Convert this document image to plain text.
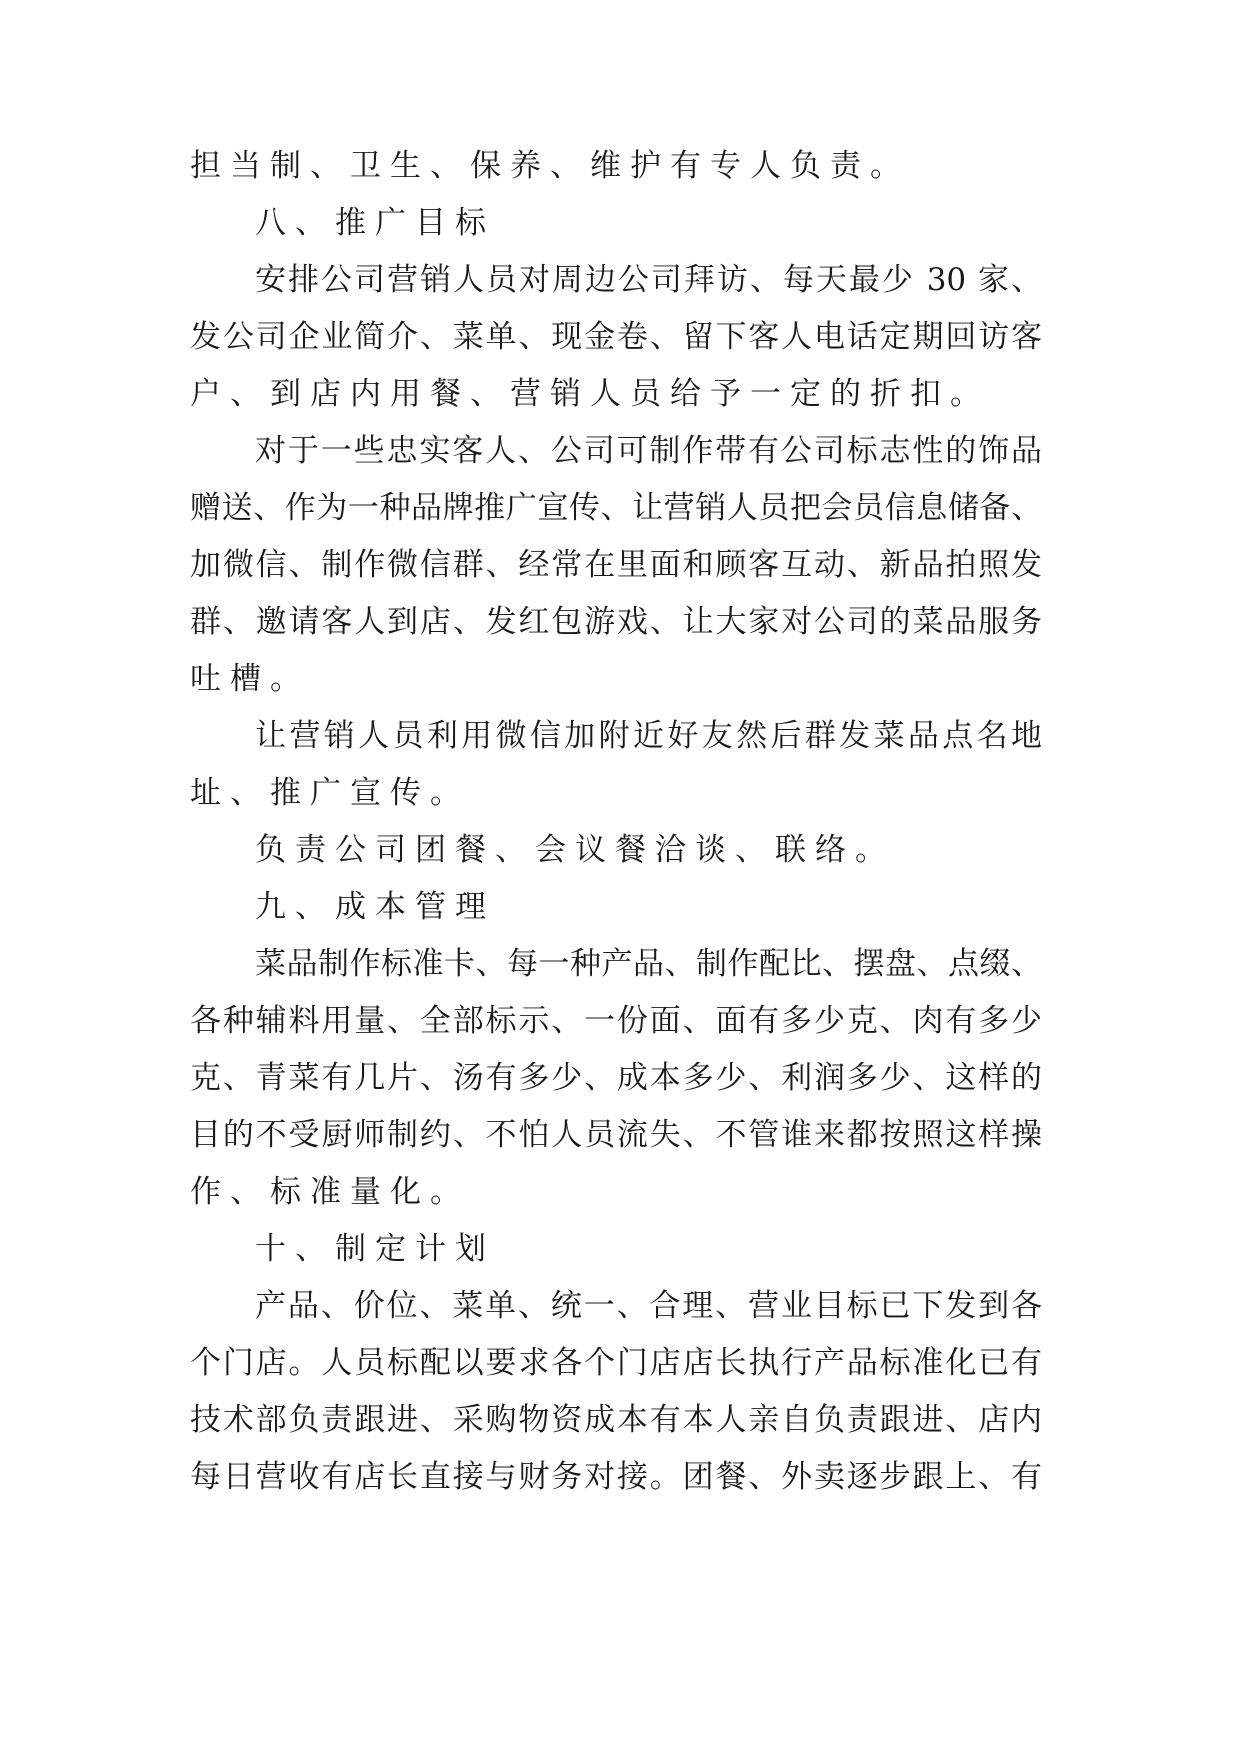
担当制、卫生、保养、维护有专人负责。
八、推广目标
安排公司营销人员对周边公司拜访、每天最少 30 家、
发公司企业简介、菜单、现金卷、留下客人电话定期回访客
户、到店内用餐、营销人员给予一定的折扣。
对于一些忠实客人、公司可制作带有公司标志性的饰品
赠送、作为一种品牌推广宣传、让营销人员把会员信息储备、
加微信、制作微信群、经常在里面和顾客互动、新品拍照发
群、邀请客人到店、发红包游戏、让大家对公司的菜品服务
吐槽。
让营销人员利用微信加附近好友然后群发菜品点名地
址、推广宣传。
负责公司团餐、会议餐洽谈、联络。
九、成本管理
菜品制作标准卡、每一种产品、制作配比、摆盘、点缀、
各种辅料用量、全部标示、一份面、面有多少克、肉有多少
克、青菜有几片、汤有多少、成本多少、利润多少、这样的
目的不受厨师制约、不怕人员流失、不管谁来都按照这样操
作、标准量化。
十、制定计划
产品、价位、菜单、统一、合理、营业目标已下发到各
个门店。人员标配以要求各个门店店长执行产品标准化已有
技术部负责跟进、采购物资成本有本人亲自负责跟进、店内
每日营收有店长直接与财务对接。团餐、外卖逐步跟上、有
